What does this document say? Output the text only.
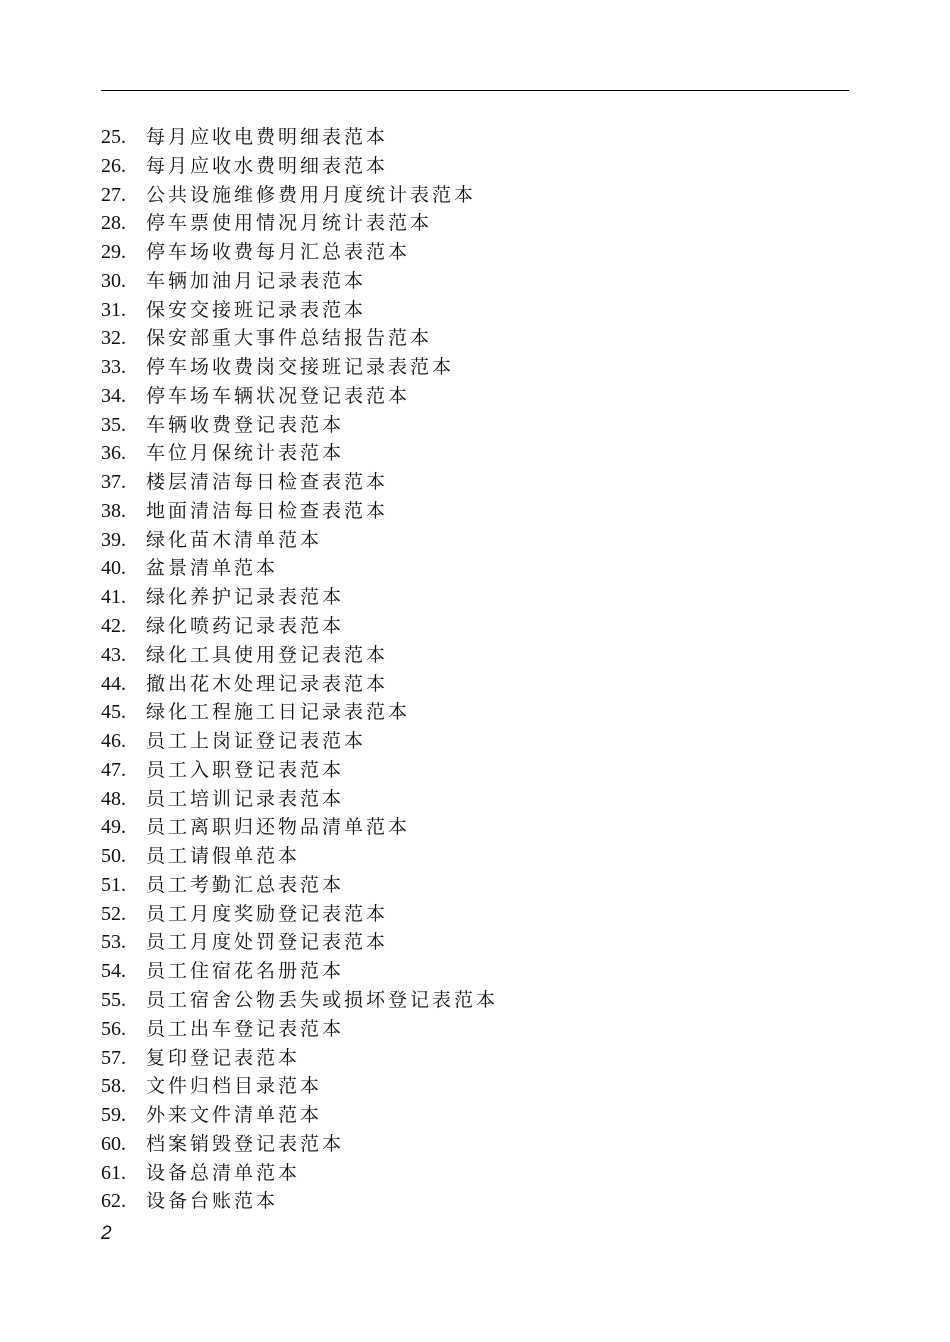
25.	每月应收电费明细表范本
26.	每月应收水费明细表范本
27.	公共设施维修费用月度统计表范本
28.	停车票使用情况月统计表范本
29.	停车场收费每月汇总表范本
30.	车辆加油月记录表范本
31.	保安交接班记录表范本
32.	保安部重大事件总结报告范本
33.	停车场收费岗交接班记录表范本
34.	停车场车辆状况登记表范本
35.	车辆收费登记表范本
36.	车位月保统计表范本
37.	楼层清洁每日检查表范本
38.	地面清洁每日检查表范本
39.	绿化苗木清单范本
40.	盆景清单范本
41.	绿化养护记录表范本
42.	绿化喷药记录表范本
43.	绿化工具使用登记表范本
44.	撤出花木处理记录表范本
45.	绿化工程施工日记录表范本
46.	员工上岗证登记表范本
47.	员工入职登记表范本
48.	员工培训记录表范本
49.	员工离职归还物品清单范本
50.	员工请假单范本
51.	员工考勤汇总表范本
52.	员工月度奖励登记表范本
53.	员工月度处罚登记表范本
54.	员工住宿花名册范本
55.	员工宿舍公物丢失或损坏登记表范本
56.	员工出车登记表范本
57.	复印登记表范本
58.	文件归档目录范本
59.	外来文件清单范本
60.	档案销毁登记表范本
61.	设备总清单范本
62.	设备台账范本
2
